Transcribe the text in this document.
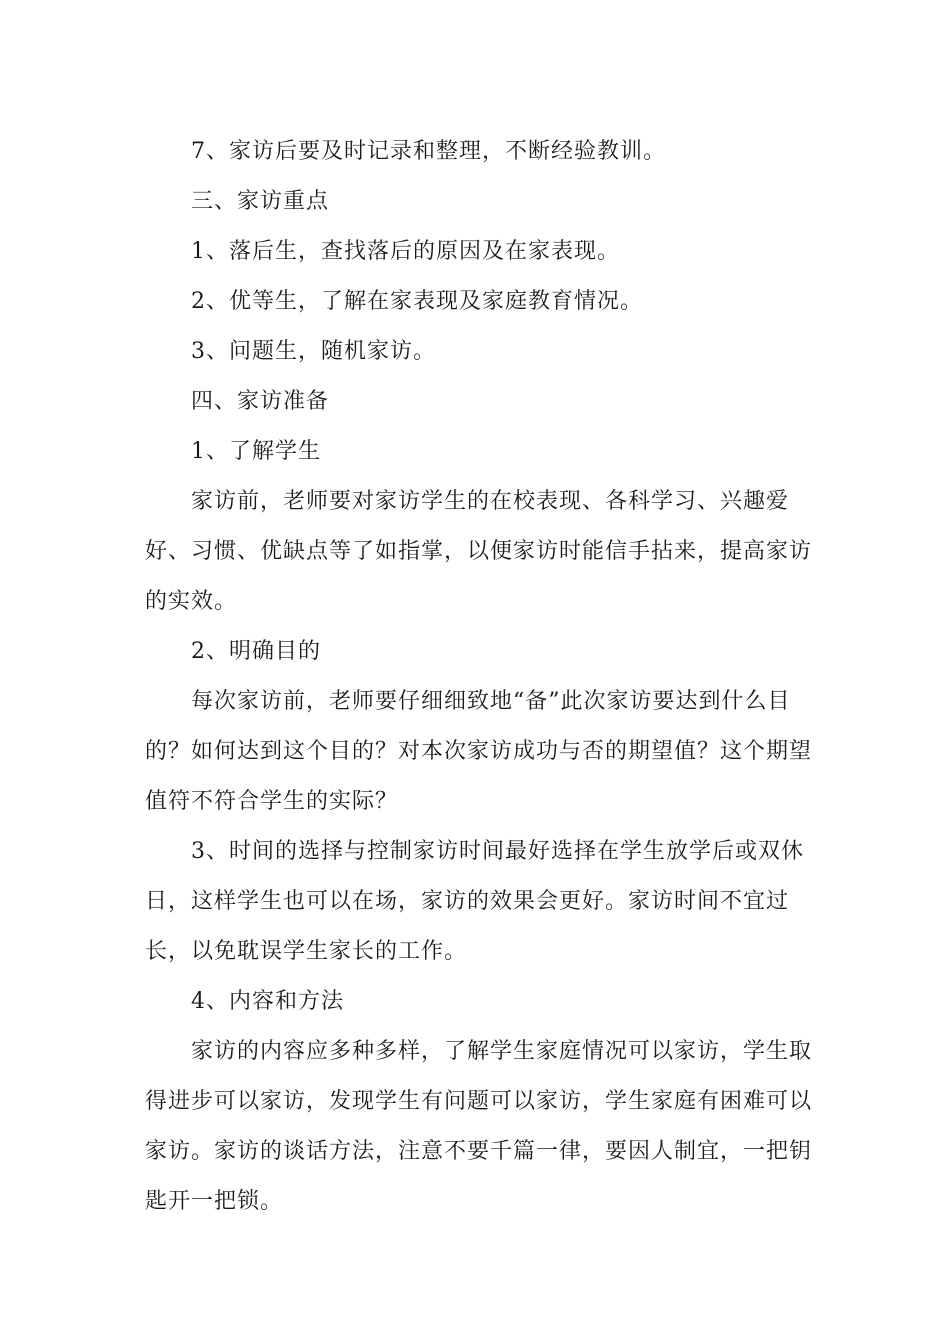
7、家访后要及时记录和整理，不断经验教训。

三、家访重点

1、落后生，查找落后的原因及在家表现。

2、优等生，了解在家表现及家庭教育情况。

3、问题生，随机家访。

四、家访准备

1、了解学生

家访前，老师要对家访学生的在校表现、各科学习、兴趣爱好、习惯、优缺点等了如指掌，以便家访时能信手拈来，提高家访的实效。

2、明确目的

每次家访前，老师要仔细细致地“备”此次家访要达到什么目的？如何达到这个目的？对本次家访成功与否的期望值？这个期望值符不符合学生的实际？

3、时间的选择与控制家访时间最好选择在学生放学后或双休日，这样学生也可以在场，家访的效果会更好。家访时间不宜过长，以免耽误学生家长的工作。

4、内容和方法

家访的内容应多种多样，了解学生家庭情况可以家访，学生取得进步可以家访，发现学生有问题可以家访，学生家庭有困难可以家访。家访的谈话方法，注意不要千篇一律，要因人制宜，一把钥匙开一把锁。
